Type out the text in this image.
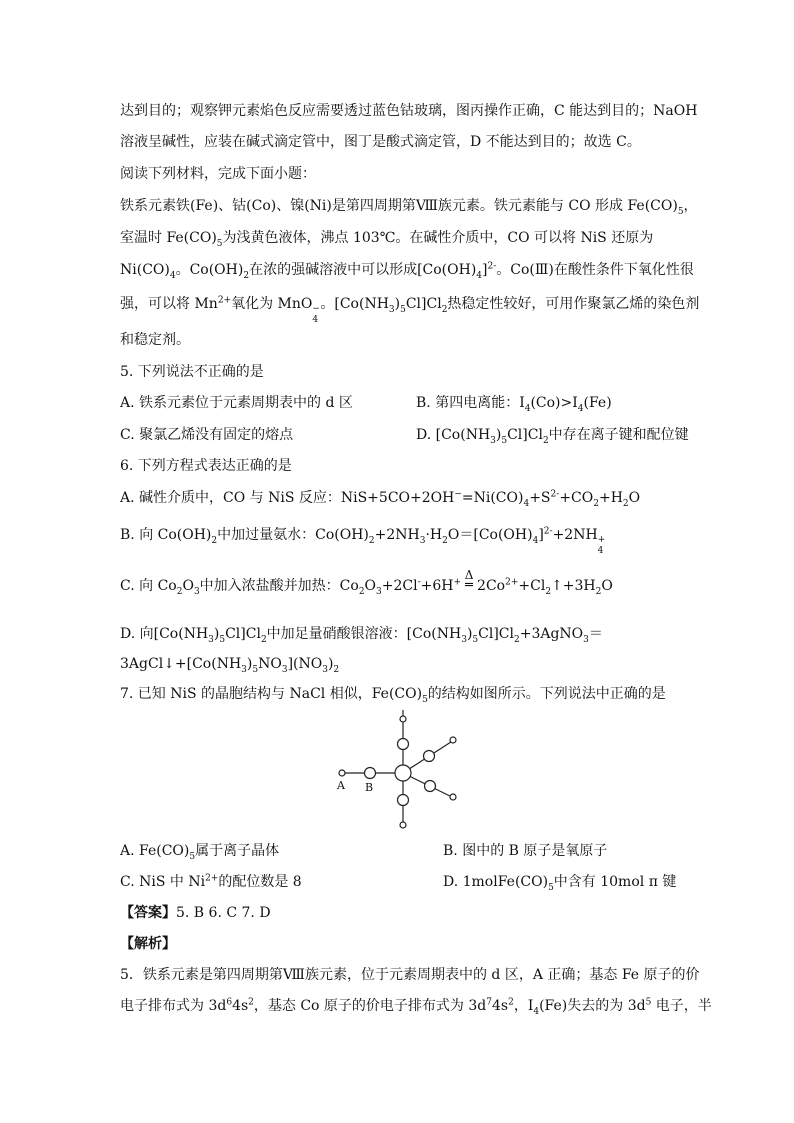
达到目的；观察钾元素焰色反应需要透过蓝色钴玻璃，图丙操作正确，C 能达到目的；NaOH
溶液呈碱性，应装在碱式滴定管中，图丁是酸式滴定管，D 不能达到目的；故选 C。
阅读下列材料，完成下面小题：
铁系元素铁(Fe)、钴(Co)、镍(Ni)是第四周期第Ⅷ族元素。铁元素能与 CO 形成 $Fe(CO)_5$，
室温时 $Fe(CO)_5$为浅黄色液体，沸点 103℃。在碱性介质中，CO 可以将 NiS 还原为
$Ni(CO)_4$。$Co(OH)_2$在浓的强碱溶液中可以形成$[Co(OH)_4]^{2-}$。Co(Ⅲ)在酸性条件下氧化性很
强，可以将 $Mn^{2+}$氧化为 MnO −
4
。$[Co(NH_3)_5Cl]Cl_2$热稳定性较好，可用作聚氯乙烯的染色剂
和稳定剂。
5. 下列说法不正确的是
A. 铁系元素位于元素周期表中的 d 区	B. 第四电离能：$I_4(Co)>I_4(Fe)$
C. 聚氯乙烯没有固定的熔点	D. $[Co(NH_3)_5Cl]Cl_2$中存在离子键和配位键
6. 下列方程式表达正确的是
A. 碱性介质中，CO 与 NiS 反应：$NiS+5CO+2OH^-=Ni(CO)_4+S^{2-}+CO_2+H_2O$
B. 向 $Co(OH)_2$中加过量氨水：$Co(OH)_2+2NH_3\cdot H_2O=[Co(OH)_4]^{2-}+2NH$ +
4
C. 向 $Co_2O_3$中加入浓盐酸并加热：$Co_2O_3+2Cl^-+6H^+$
Δ
═ $2Co^{2+}+Cl_2↑+3H_2O$
D. 向$[Co(NH_3)_5Cl]Cl_2$中加足量硝酸银溶液：$[Co(NH_3)_5Cl]Cl_2+3AgNO_3=$
$3AgCl↓+[Co(NH_3)_5NO_3](NO_3)_2$
7. 已知 NiS 的晶胞结构与 NaCl 相似，$Fe(CO)_5$的结构如图所示。下列说法中正确的是
A B
A. $Fe(CO)_5$属于离子晶体	B. 图中的 B 原子是氧原子
C. NiS 中 $Ni^{2+}$的配位数是 8	D. $1molFe(CO)_5$中含有 10mol π 键
【答案】5. B 6. C 7. D
【解析】
5．铁系元素是第四周期第Ⅷ族元素，位于元素周期表中的 d 区，A 正确；基态 Fe 原子的价
电子排布式为 $3d^64s^2$，基态 Co 原子的价电子排布式为 $3d^74s^2$，$I_4(Fe)$失去的为 $3d^5$ 电子，半
